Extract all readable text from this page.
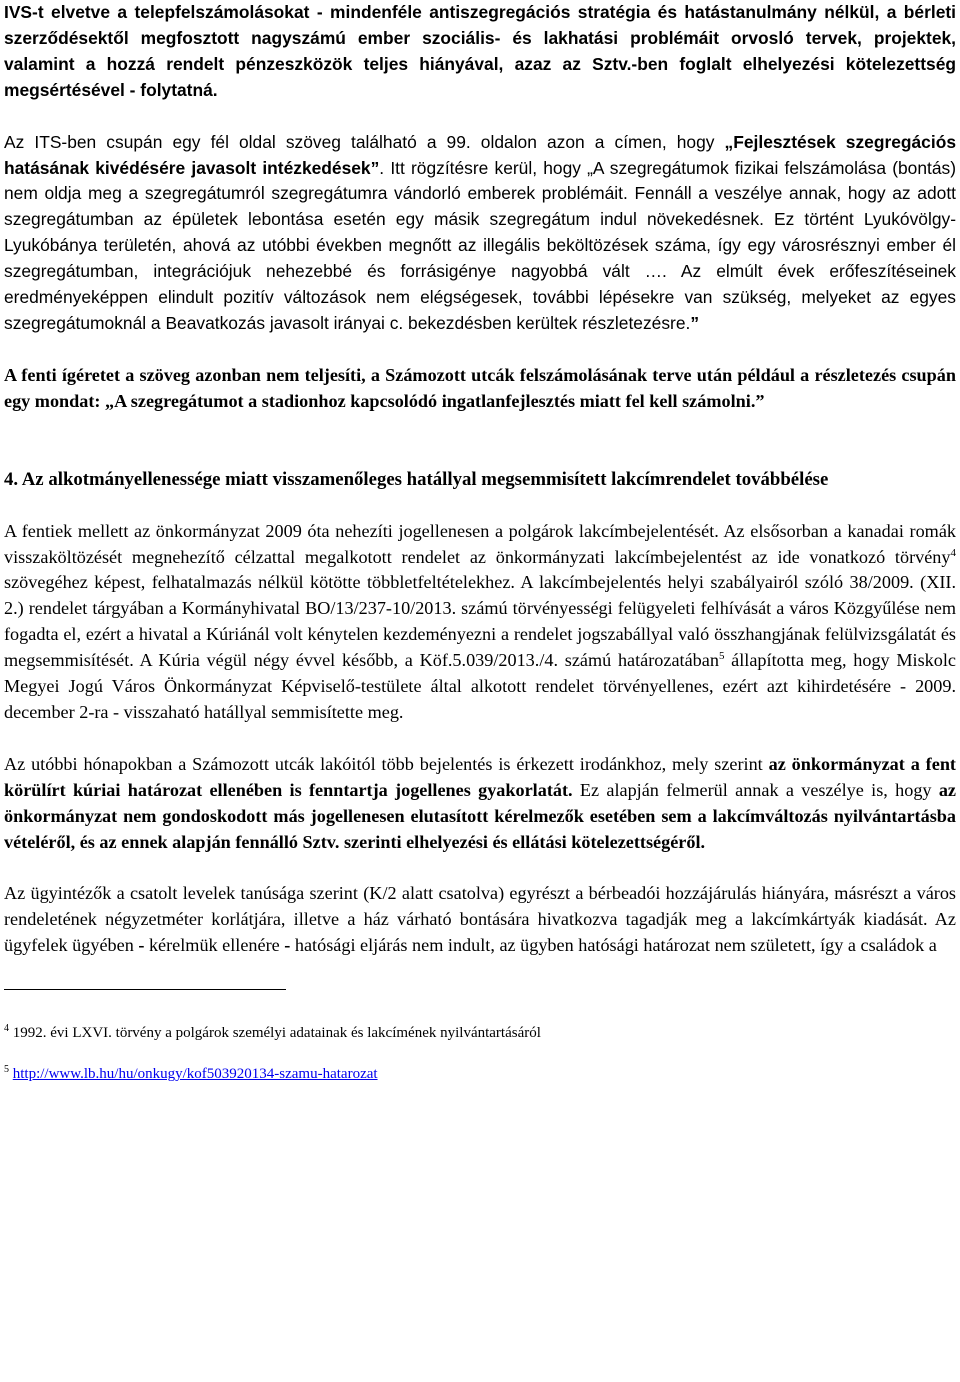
IVS-t elvetve a telepfelszámolásokat - mindenféle antiszegregációs stratégia és hatástanulmány nélkül, a bérleti szerződésektől megfosztott nagyszámú ember szociális- és lakhatási problémáit orvosló tervek, projektek, valamint a hozzá rendelt pénzeszközök teljes hiányával, azaz az Sztv.-ben foglalt elhelyezési kötelezettség megsértésével - folytatná.

Az ITS-ben csupán egy fél oldal szöveg található a 99. oldalon azon a címen, hogy „Fejlesztések szegregációs hatásának kivédésére javasolt intézkedések”. Itt rögzítésre kerül, hogy „A szegregátumok fizikai felszámolása (bontás) nem oldja meg a szegregátumról szegregátumra vándorló emberek problémáit. Fennáll a veszélye annak, hogy az adott szegregátumban az épületek lebontása esetén egy másik szegregátum indul növekedésnek. Ez történt Lyukóvölgy-Lyukóbánya területén, ahová az utóbbi években megnőtt az illegális beköltözések száma, így egy városrésznyi ember él szegregátumban, integrációjuk nehezebbé és forrásigénye nagyobbá vált …. Az elmúlt évek erőfeszítéseinek eredményeképpen elindult pozitív változások nem elégségesek, további lépésekre van szükség, melyeket az egyes szegregátumoknál a Beavatkozás javasolt irányai c. bekezdésben kerültek részletezésre.”

A fenti ígéretet a szöveg azonban nem teljesíti, a Számozott utcák felszámolásának terve után például a részletezés csupán egy mondat: „A szegregátumot a stadionhoz kapcsolódó ingatlanfejlesztés miatt fel kell számolni.”

4. Az alkotmányellenessége miatt visszamenőleges hatállyal megsemmisített lakcímrendelet továbbélése

A fentiek mellett az önkormányzat 2009 óta nehezíti jogellenesen a polgárok lakcímbejelentését. Az elsősorban a kanadai romák visszaköltözését megnehezítő célzattal megalkotott rendelet az önkormányzati lakcímbejelentést az ide vonatkozó törvény$^4$ szövegéhez képest, felhatalmazás nélkül kötötte többletfeltételekhez. A lakcímbejelentés helyi szabályairól szóló 38/2009. (XII. 2.) rendelet tárgyában a Kormányhivatal BO/13/237-10/2013. számú törvényességi felügyeleti felhívását a város Közgyűlése nem fogadta el, ezért a hivatal a Kúriánál volt kénytelen kezdeményezni a rendelet jogszabállyal való összhangjának felülvizsgálatát és megsemmisítését. A Kúria végül négy évvel később, a Köf.5.039/2013./4. számú határozatában$^5$ állapította meg, hogy Miskolc Megyei Jogú Város Önkormányzat Képviselő-testülete által alkotott rendelet törvényellenes, ezért azt kihirdetésére - 2009. december 2-ra - visszaható hatállyal semmisítette meg.

Az utóbbi hónapokban a Számozott utcák lakóitól több bejelentés is érkezett irodánkhoz, mely szerint az önkormányzat a fent körülírt kúriai határozat ellenében is fenntartja jogellenes gyakorlatát. Ez alapján felmerül annak a veszélye is, hogy az önkormányzat nem gondoskodott más jogellenesen elutasított kérelmezők esetében sem a lakcímváltozás nyilvántartásba vételéről, és az ennek alapján fennálló Sztv. szerinti elhelyezési és ellátási kötelezettségéről.

Az ügyintézők a csatolt levelek tanúsága szerint (K/2 alatt csatolva) egyrészt a bérbeadói hozzájárulás hiányára, másrészt a város rendeletének négyzetméter korlátjára, illetve a ház várható bontására hivatkozva tagadják meg a lakcímkártyák kiadását. Az ügyfelek ügyében - kérelmük ellenére - hatósági eljárás nem indult, az ügyben hatósági határozat nem született, így a családok a

$^4$ 1992. évi LXVI. törvény a polgárok személyi adatainak és lakcímének nyilvántartásáról

$^5$ http://www.lb.hu/hu/onkugy/kof503920134-szamu-hatarozat
